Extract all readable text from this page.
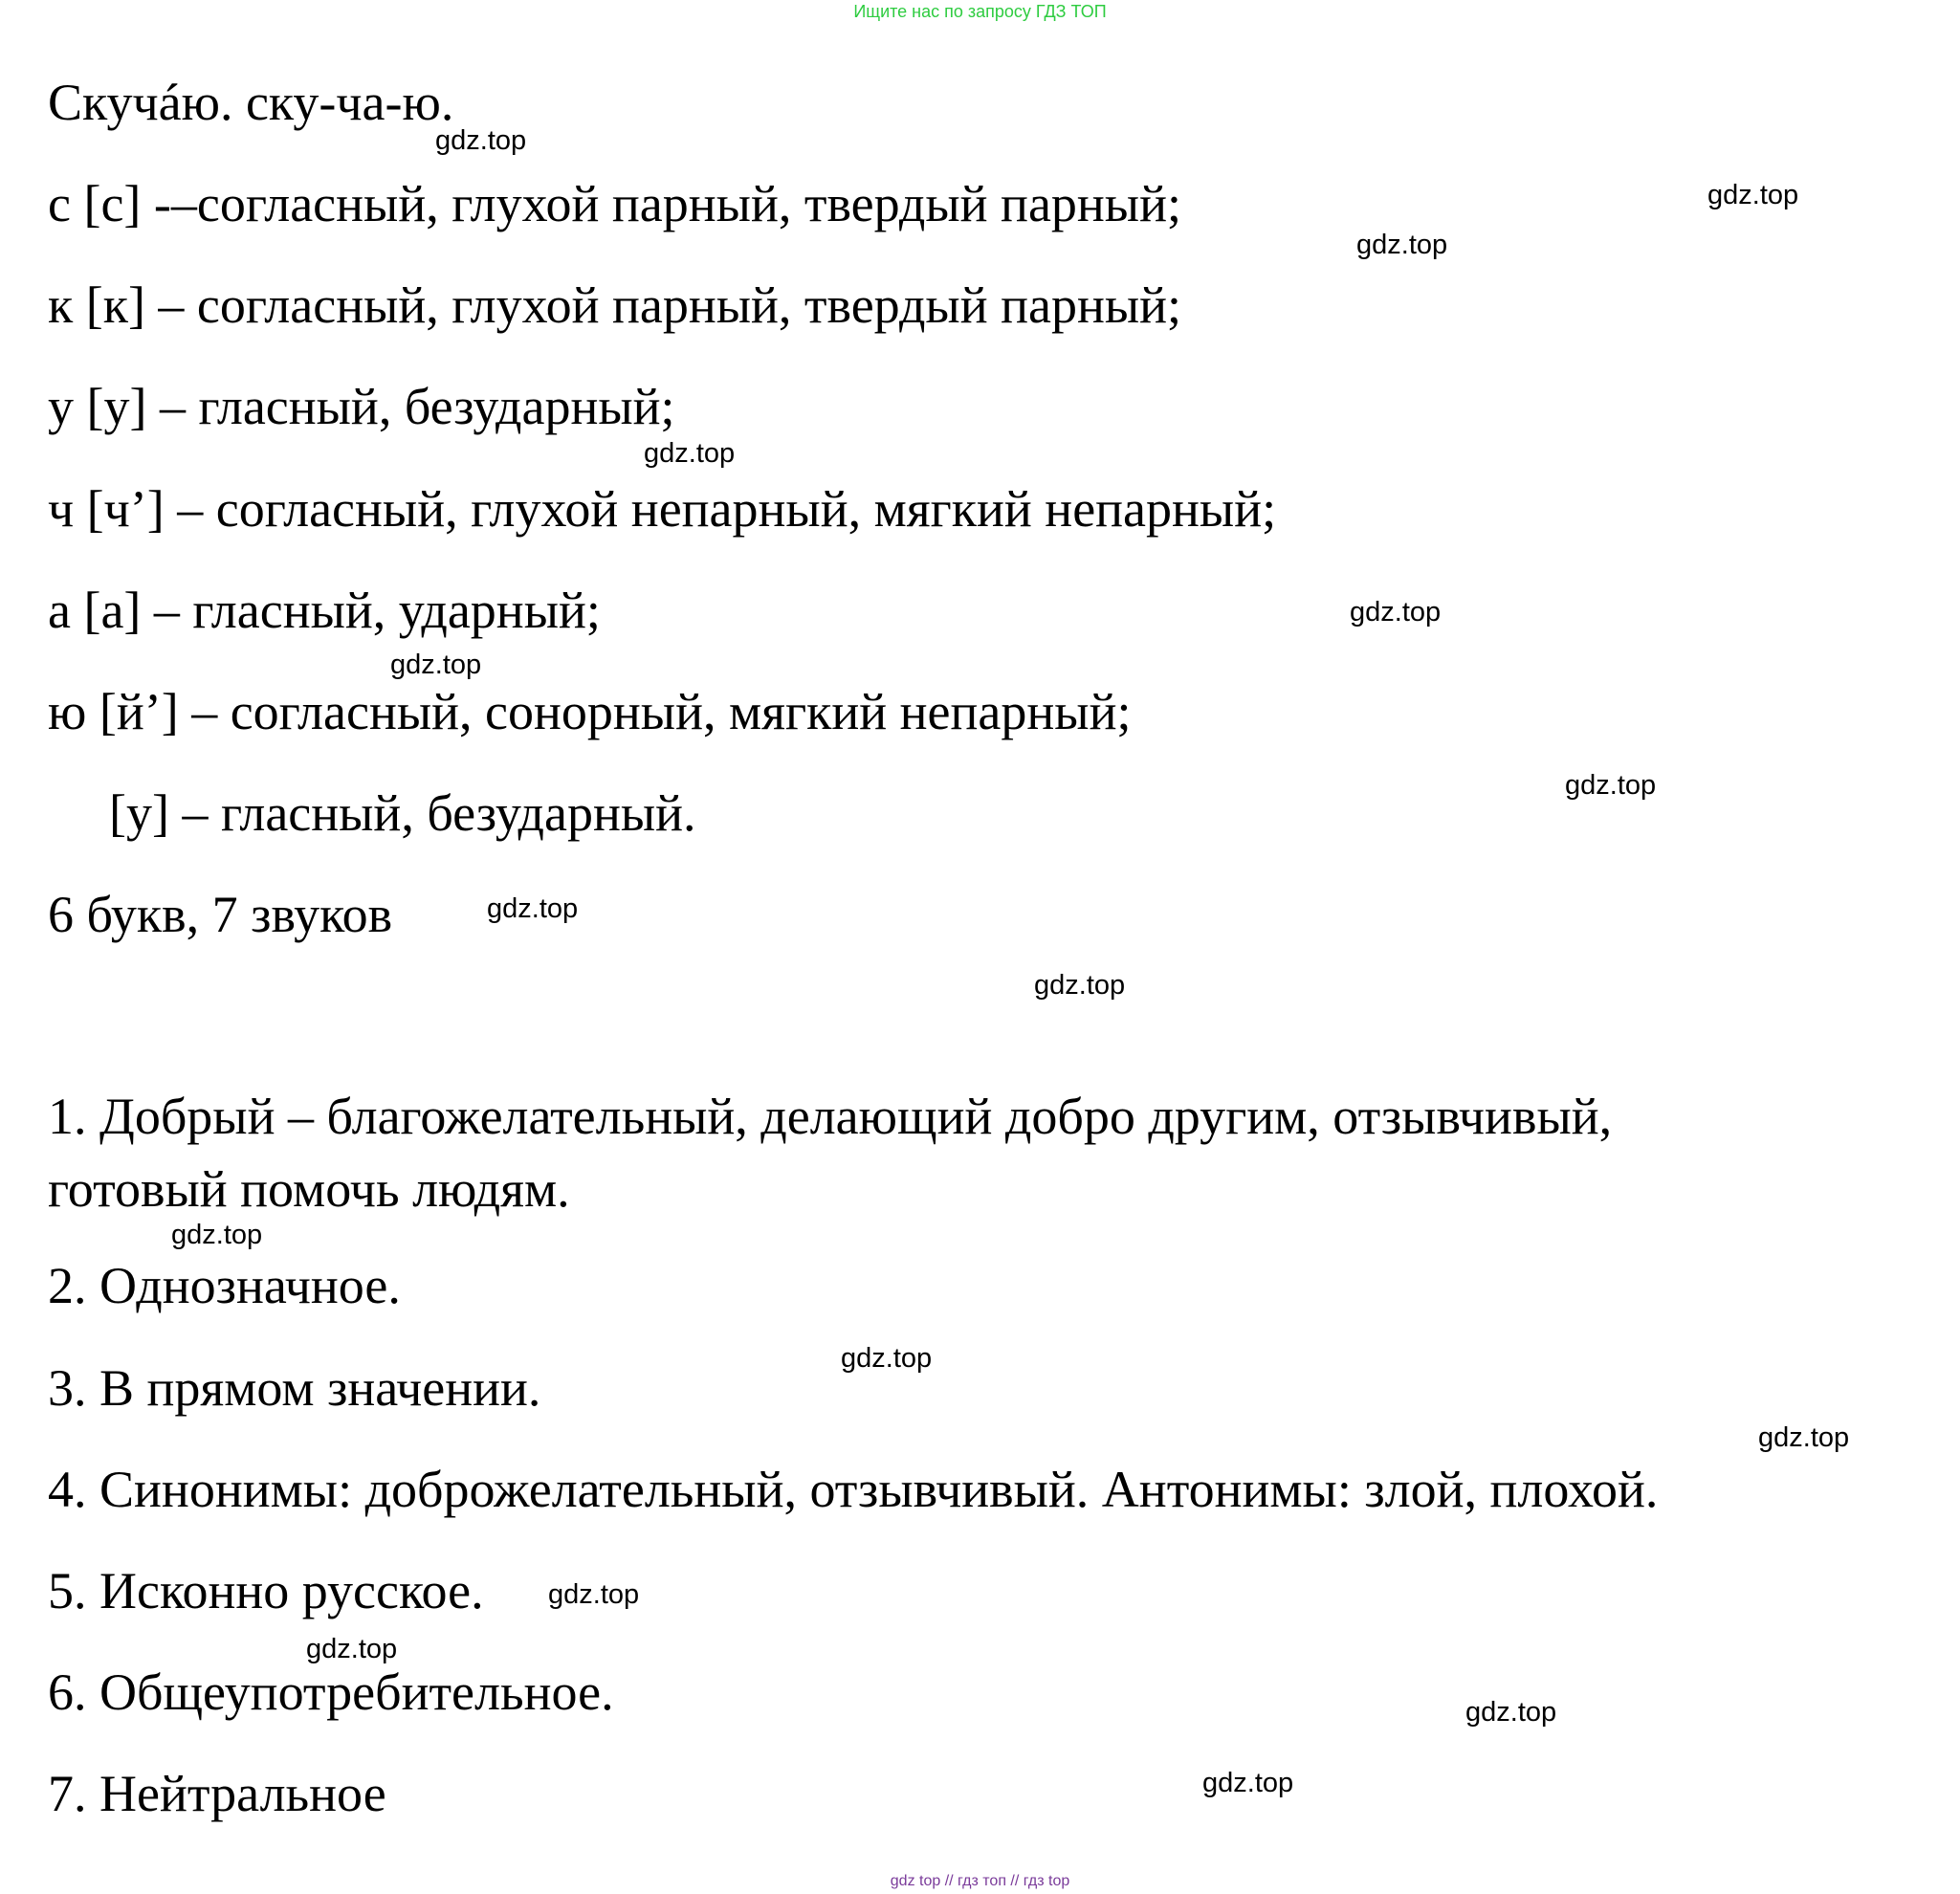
Ищите нас по запросу ГДЗ ТОП
Скучáю. ску-ча-ю.
с [с] -–согласный, глухой парный, твердый парный;
к [к] – согласный, глухой парный, твердый парный;
у [у] – гласный, безударный;
ч [ч’] – согласный, глухой непарный, мягкий непарный;
а [а] – гласный, ударный;
ю [й’] – согласный, сонорный, мягкий непарный;
[у] – гласный, безударный.
6 букв, 7 звуков
1. Добрый – благожелательный, делающий добро другим, отзывчивый,
готовый помочь людям.
2. Однозначное.
3. В прямом значении.
4. Синонимы: доброжелательный, отзывчивый. Антонимы: злой, плохой.
5. Исконно русское.
6. Общеупотребительное.
7. Нейтральное
gdz.top
gdz.top
gdz.top
gdz.top
gdz.top
gdz.top
gdz.top
gdz.top
gdz.top
gdz.top
gdz.top
gdz.top
gdz.top
gdz.top
gdz.top
gdz.top
gdz top // гдз топ // гдз top
